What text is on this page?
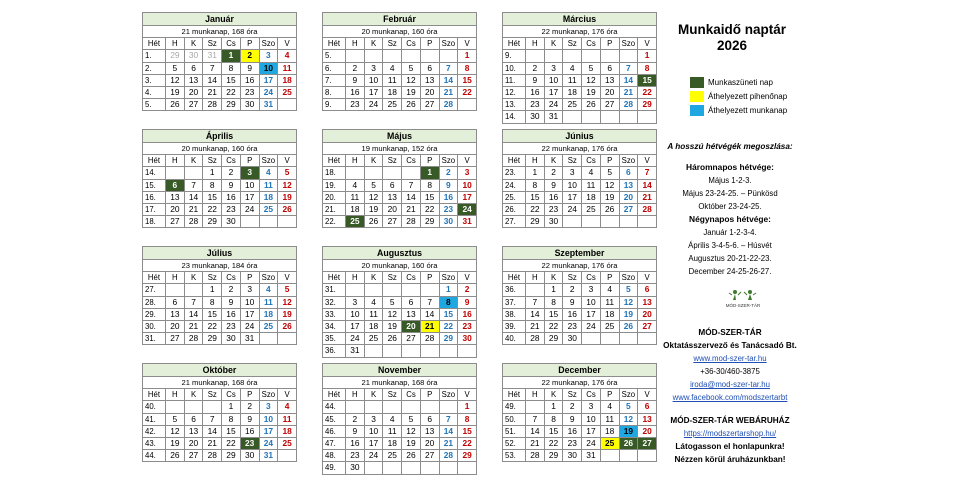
Január							
21 munkanap, 168 óra							
Hét	H	K	Sz	Cs	P	Szo	V
1.	29	30	31	1	2	3	4
2.	5	6	7	8	9	10	11
3.	12	13	14	15	16	17	18
4.	19	20	21	22	23	24	25
5.	26	27	28	29	30	31	
Február							
20 munkanap, 160 óra							
Hét	H	K	Sz	Cs	P	Szo	V
5.							1
6.	2	3	4	5	6	7	8
7.	9	10	11	12	13	14	15
8.	16	17	18	19	20	21	22
9.	23	24	25	26	27	28	
Március							
22 munkanap, 176 óra							
Hét	H	K	Sz	Cs	P	Szo	V
9.							1
10.	2	3	4	5	6	7	8
11.	9	10	11	12	13	14	15
12.	16	17	18	19	20	21	22
13.	23	24	25	26	27	28	29
14.	30	31					
Április							
20 munkanap, 160 óra							
Hét	H	K	Sz	Cs	P	Szo	V
14.			1	2	3	4	5
15.	6	7	8	9	10	11	12
16.	13	14	15	16	17	18	19
17.	20	21	22	23	24	25	26
18.	27	28	29	30			
Május							
19 munkanap, 152 óra							
Hét	H	K	Sz	Cs	P	Szo	V
18.					1	2	3
19.	4	5	6	7	8	9	10
20.	11	12	13	14	15	16	17
21.	18	19	20	21	22	23	24
22.	25	26	27	28	29	30	31
Június							
22 munkanap, 176 óra							
Hét	H	K	Sz	Cs	P	Szo	V
23.	1	2	3	4	5	6	7
24.	8	9	10	11	12	13	14
25.	15	16	17	18	19	20	21
26.	22	23	24	25	26	27	28
27.	29	30					
Július							
23 munkanap, 184 óra							
Hét	H	K	Sz	Cs	P	Szo	V
27.			1	2	3	4	5
28.	6	7	8	9	10	11	12
29.	13	14	15	16	17	18	19
30.	20	21	22	23	24	25	26
31.	27	28	29	30	31		
Augusztus							
20 munkanap, 160 óra							
Hét	H	K	Sz	Cs	P	Szo	V
31.						1	2
32.	3	4	5	6	7	8	9
33.	10	11	12	13	14	15	16
34.	17	18	19	20	21	22	23
35.	24	25	26	27	28	29	30
36.	31						
Szeptember							
22 munkanap, 176 óra							
Hét	H	K	Sz	Cs	P	Szo	V
36.		1	2	3	4	5	6
37.	7	8	9	10	11	12	13
38.	14	15	16	17	18	19	20
39.	21	22	23	24	25	26	27
40.	28	29	30				
Október							
21 munkanap, 168 óra							
Hét	H	K	Sz	Cs	P	Szo	V
40.				1	2	3	4
41.	5	6	7	8	9	10	11
42.	12	13	14	15	16	17	18
43.	19	20	21	22	23	24	25
44.	26	27	28	29	30	31	
November							
21 munkanap, 168 óra							
Hét	H	K	Sz	Cs	P	Szo	V
44.							1
45.	2	3	4	5	6	7	8
46.	9	10	11	12	13	14	15
47.	16	17	18	19	20	21	22
48.	23	24	25	26	27	28	29
49.	30						
December							
22 munkanap, 176 óra							
Hét	H	K	Sz	Cs	P	Szo	V
49.		1	2	3	4	5	6
50.	7	8	9	10	11	12	13
51.	14	15	16	17	18	19	20
52.	21	22	23	24	25	26	27
53.	28	29	30	31			
Munkaidő naptár
2026
Munkaszüneti nap
Áthelyezett pihenőnap
Áthelyezett munkanap
A hosszú hétvégék megoszlása:
Háromnapos hétvége:
Május 1-2-3.
Május 23-24-25. – Pünkösd
Október 23-24-25.
Négynapos hétvége:
Január 1-2-3-4.
Április 3-4-5-6. – Húsvét
Augusztus 20-21-22-23.
December 24-25-26-27.
MÓD-SZER-TÁR
MÓD-SZER-TÁR
Oktatásszervező és Tanácsadó Bt.
www.mod-szer-tar.hu
+36-30/460-3875
iroda@mod-szer-tar.hu
www.facebook.com/modszertarbt
MÓD-SZER-TÁR WEBÁRUHÁZ
https://modszertarshop.hu/
Látogasson el honlapunkra!
Nézzen körül áruházunkban!
